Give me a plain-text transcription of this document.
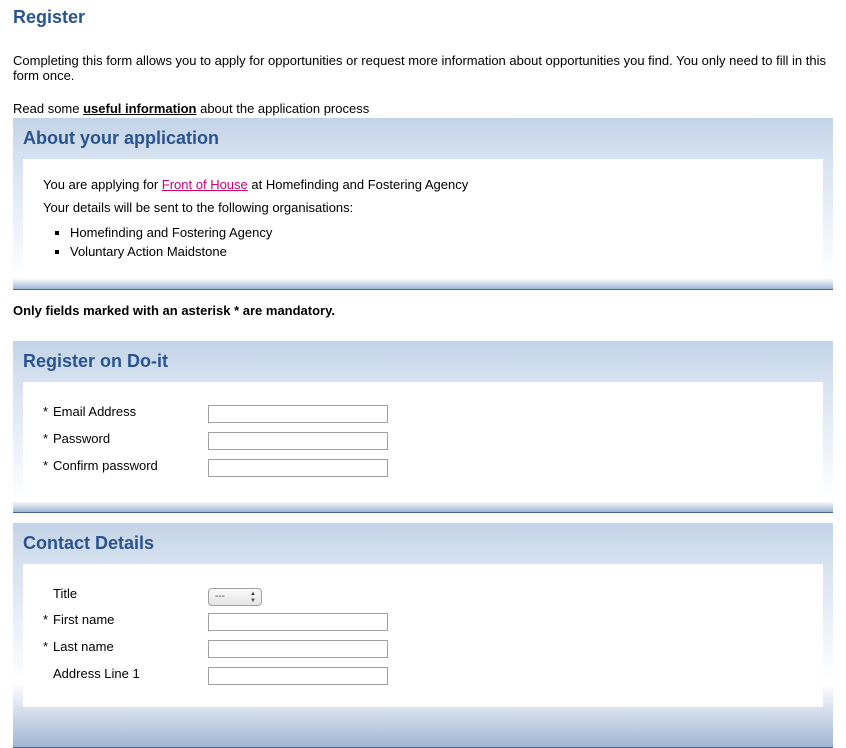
Register
Completing this form allows you to apply for opportunities or request more information about opportunities you find. You only need to fill in this form once.
Read some useful information about the application process
About your application
You are applying for Front of House at Homefinding and Fostering Agency
Your details will be sent to the following organisations:
▪ Homefinding and Fostering Agency
▪ Voluntary Action Maidstone
Only fields marked with an asterisk * are mandatory.
Register on Do-it
* Email Address
* Password
* Confirm password
Contact Details
Title	---	▲
▼
* First name
* Last name
Address Line 1
